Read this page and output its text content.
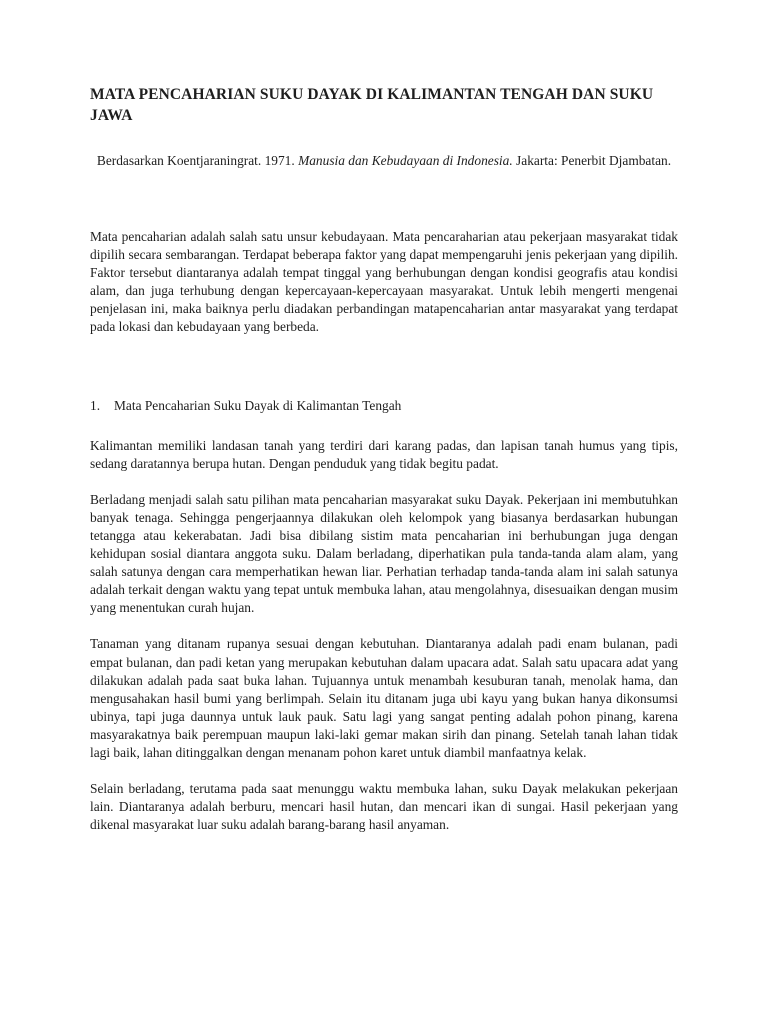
MATA PENCAHARIAN SUKU DAYAK DI KALIMANTAN TENGAH DAN SUKU JAWA

Berdasarkan Koentjaraningrat. 1971. Manusia dan Kebudayaan di Indonesia. Jakarta: Penerbit Djambatan.

Mata pencaharian adalah salah satu unsur kebudayaan. Mata pencaraharian atau pekerjaan masyarakat tidak dipilih secara sembarangan. Terdapat beberapa faktor yang dapat mempengaruhi jenis pekerjaan yang dipilih. Faktor tersebut diantaranya adalah tempat tinggal yang berhubungan dengan kondisi geografis atau kondisi alam, dan juga terhubung dengan kepercayaan-kepercayaan masyarakat. Untuk lebih mengerti mengenai penjelasan ini, maka baiknya perlu diadakan perbandingan matapencaharian antar masyarakat yang terdapat pada lokasi dan kebudayaan yang berbeda.

1.	Mata Pencaharian Suku Dayak di Kalimantan Tengah

Kalimantan memiliki landasan tanah yang terdiri dari karang padas, dan lapisan tanah humus yang tipis, sedang daratannya berupa hutan. Dengan penduduk yang tidak begitu padat.

Berladang menjadi salah satu pilihan mata pencaharian masyarakat suku Dayak. Pekerjaan ini membutuhkan banyak tenaga. Sehingga pengerjaannya dilakukan oleh kelompok yang biasanya berdasarkan hubungan tetangga atau kekerabatan. Jadi bisa dibilang sistim mata pencaharian ini berhubungan juga dengan kehidupan sosial diantara anggota suku. Dalam berladang, diperhatikan pula tanda-tanda alam alam, yang salah satunya dengan cara memperhatikan hewan liar. Perhatian terhadap tanda-tanda alam ini salah satunya adalah terkait dengan waktu yang tepat untuk membuka lahan, atau mengolahnya, disesuaikan dengan musim yang menentukan curah hujan.

Tanaman yang ditanam rupanya sesuai dengan kebutuhan. Diantaranya adalah padi enam bulanan, padi empat bulanan, dan padi ketan yang merupakan kebutuhan dalam upacara adat. Salah satu upacara adat yang dilakukan adalah pada saat buka lahan. Tujuannya untuk menambah kesuburan tanah, menolak hama, dan mengusahakan hasil bumi yang berlimpah. Selain itu ditanam juga ubi kayu yang bukan hanya dikonsumsi ubinya, tapi juga daunnya untuk lauk pauk. Satu lagi yang sangat penting adalah pohon pinang, karena masyarakatnya baik perempuan maupun laki-laki gemar makan sirih dan pinang. Setelah tanah lahan tidak lagi baik, lahan ditinggalkan dengan menanam pohon karet untuk diambil manfaatnya kelak.

Selain berladang, terutama pada saat menunggu waktu membuka lahan, suku Dayak melakukan pekerjaan lain. Diantaranya adalah berburu, mencari hasil hutan, dan mencari ikan di sungai. Hasil pekerjaan yang dikenal masyarakat luar suku adalah barang-barang hasil anyaman.
